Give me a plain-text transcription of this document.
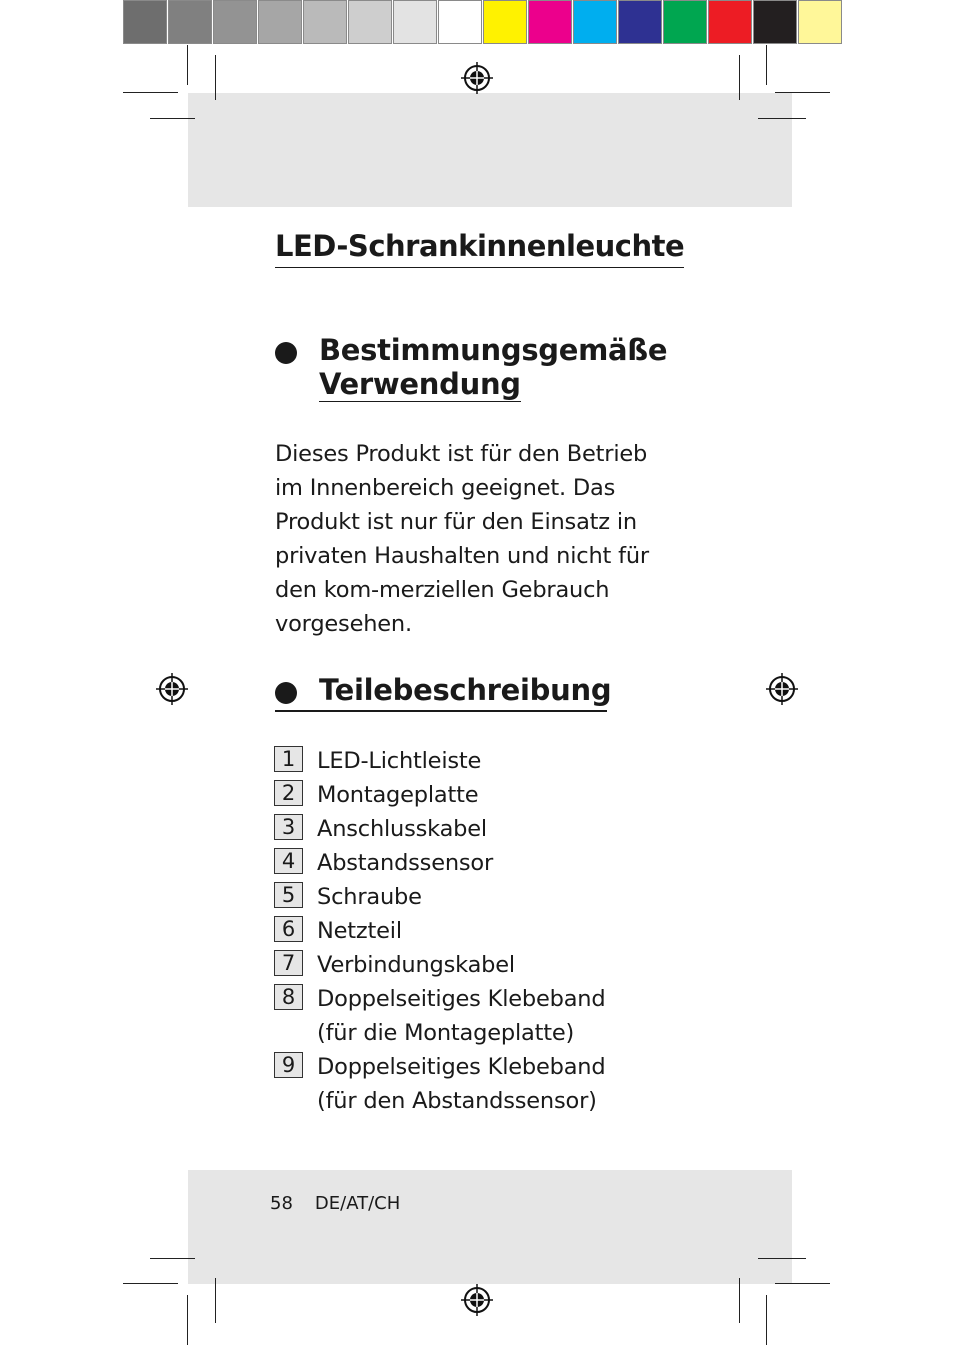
LED-Schrankinnenleuchte
Bestimmungsgemäße
Verwendung

Dieses Produkt ist für den Betrieb im Innenbereich geeignet. Das Produkt ist nur für den Einsatz in privaten Haushalten und nicht für den kom-merziellen Gebrauch vorgesehen.

Teilebeschreibung
1 LED-Lichtleiste
2 Montageplatte
3 Anschlusskabel
4 Abstandssensor
5 Schraube
6 Netzteil
7 Verbindungskabel
8 Doppelseitiges Klebeband
(für die Montageplatte)
9 Doppelseitiges Klebeband
(für den Abstandssensor)
58 DE/AT/CH
